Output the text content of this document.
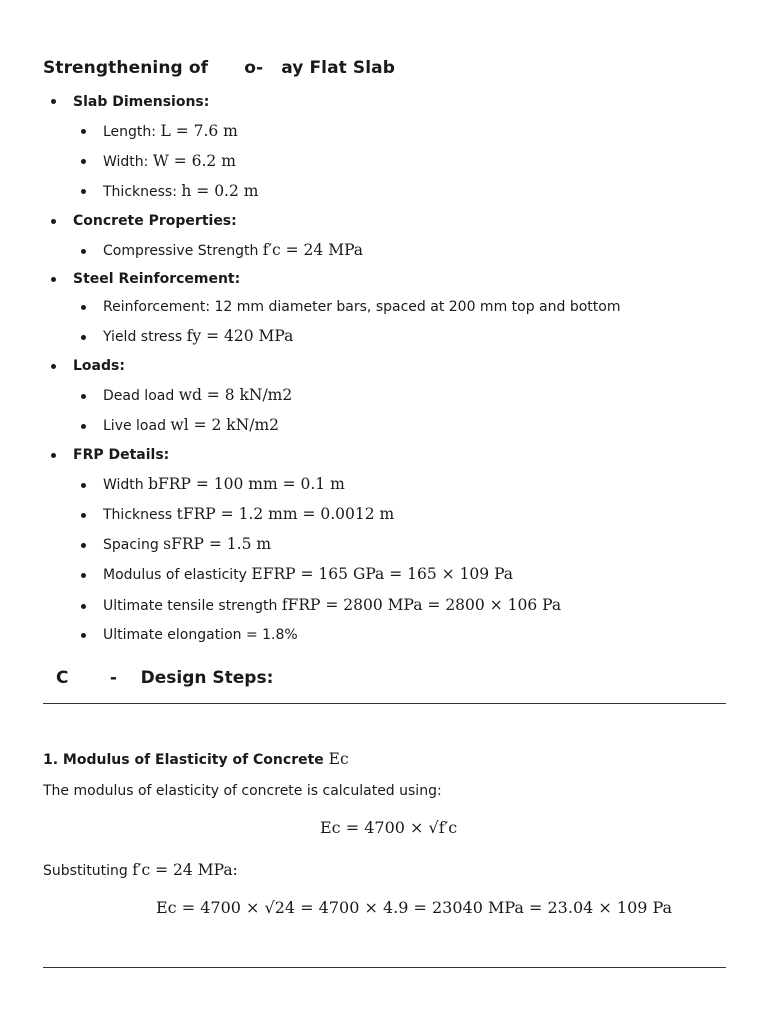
Strengthening of      o-   ay Flat Slab
Slab Dimensions:
Length: L = 7.6 m
Width: W = 6.2 m
Thickness: h = 0.2 m
Concrete Properties:
Compressive Strength f′c = 24 MPa
Steel Reinforcement:
Reinforcement: 12 mm diameter bars, spaced at 200 mm top and bottom
Yield stress fy = 420 MPa
Loads:
Dead load wd = 8 kN/m2
Live load wl = 2 kN/m2
FRP Details:
Width bFRP = 100 mm = 0.1 m
Thickness tFRP = 1.2 mm = 0.0012 m
Spacing sFRP = 1.5 m
Modulus of elasticity EFRP = 165 GPa = 165 × 109 Pa
Ultimate tensile strength fFRP = 2800 MPa = 2800 × 106 Pa
Ultimate elongation = 1.8%
C       -    Design Steps:
1. Modulus of Elasticity of Concrete Ec
The modulus of elasticity of concrete is calculated using:
Ec = 4700 × √f′c
Substituting f′c = 24 MPa:
Ec = 4700 × √24 = 4700 × 4.9 = 23040 MPa = 23.04 × 109 Pa
